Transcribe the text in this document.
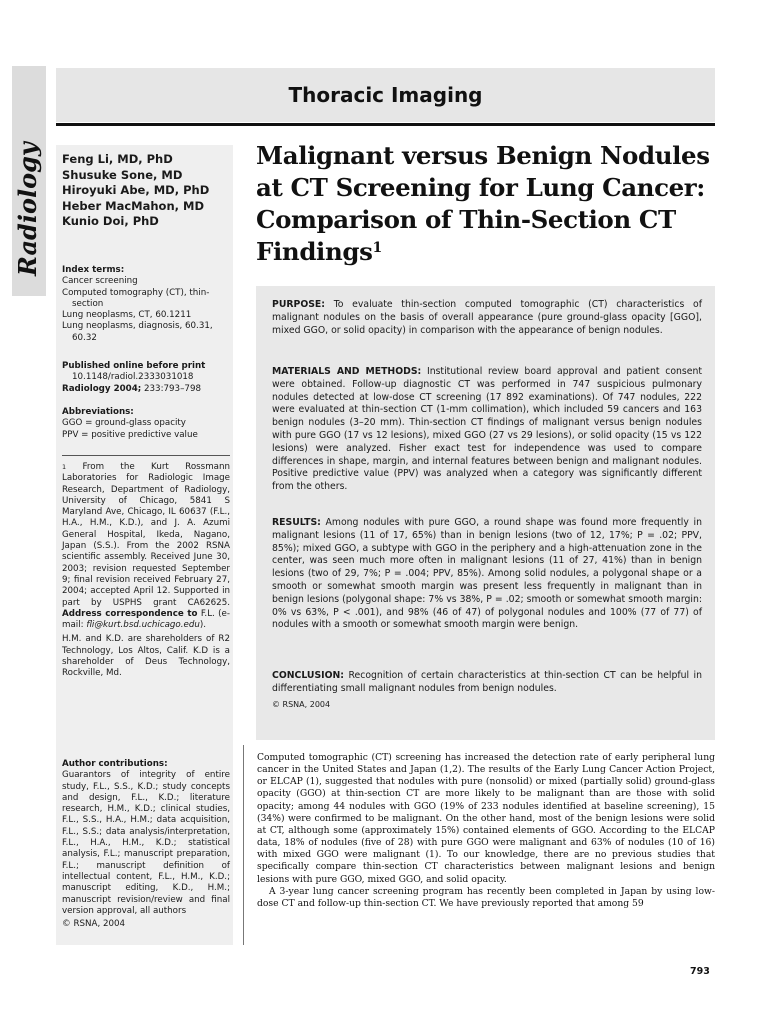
Radiology
Thoracic Imaging
Feng Li, MD, PhD
Shusuke Sone, MD
Hiroyuki Abe, MD, PhD
Heber MacMahon, MD
Kunio Doi, PhD
Index terms:
Cancer screening
Computed tomography (CT), thin-section
Lung neoplasms, CT, 60.1211
Lung neoplasms, diagnosis, 60.31, 60.32
Published online before print
10.1148/radiol.2333031018
Radiology 2004; 233:793–798
Abbreviations:
GGO = ground-glass opacity
PPV = positive predictive value
$^1$ From the Kurt Rossmann Laboratories for Radiologic Image Research, Department of Radiology, University of Chicago, 5841 S Maryland Ave, Chicago, IL 60637 (F.L., H.A., H.M., K.D.), and J. A. Azumi General Hospital, Ikeda, Nagano, Japan (S.S.). From the 2002 RSNA scientific assembly. Received June 30, 2003; revision requested September 9; final revision received February 27, 2004; accepted April 12. Supported in part by USPHS grant CA62625. Address correspondence to F.L. (e-mail: fli@kurt.bsd.uchicago.edu).
H.M. and K.D. are shareholders of R2 Technology, Los Altos, Calif. K.D is a shareholder of Deus Technology, Rockville, Md.
Author contributions:
Guarantors of integrity of entire study, F.L., S.S., K.D.; study concepts and design, F.L., K.D.; literature research, H.M., K.D.; clinical studies, F.L., S.S., H.A., H.M.; data acquisition, F.L., S.S.; data analysis/interpretation, F.L., H.A., H.M., K.D.; statistical analysis, F.L.; manuscript preparation, F.L.; manuscript definition of intellectual content, F.L., H.M., K.D.; manuscript editing, K.D., H.M.; manuscript revision/review and final version approval, all authors
© RSNA, 2004
Malignant versus Benign Nodules at CT Screening for Lung Cancer: Comparison of Thin-Section CT Findings$^1$
PURPOSE: To evaluate thin-section computed tomographic (CT) characteristics of malignant nodules on the basis of overall appearance (pure ground-glass opacity [GGO], mixed GGO, or solid opacity) in comparison with the appearance of benign nodules.
MATERIALS AND METHODS: Institutional review board approval and patient consent were obtained. Follow-up diagnostic CT was performed in 747 suspicious pulmonary nodules detected at low-dose CT screening (17 892 examinations). Of 747 nodules, 222 were evaluated at thin-section CT (1-mm collimation), which included 59 cancers and 163 benign nodules (3–20 mm). Thin-section CT findings of malignant versus benign nodules with pure GGO (17 vs 12 lesions), mixed GGO (27 vs 29 lesions), or solid opacity (15 vs 122 lesions) were analyzed. Fisher exact test for independence was used to compare differences in shape, margin, and internal features between benign and malignant nodules. Positive predictive value (PPV) was analyzed when a category was significantly different from the others.
RESULTS: Among nodules with pure GGO, a round shape was found more frequently in malignant lesions (11 of 17, 65%) than in benign lesions (two of 12, 17%; P = .02; PPV, 85%); mixed GGO, a subtype with GGO in the periphery and a high-attenuation zone in the center, was seen much more often in malignant lesions (11 of 27, 41%) than in benign lesions (two of 29, 7%; P = .004; PPV, 85%). Among solid nodules, a polygonal shape or a smooth or somewhat smooth margin was present less frequently in malignant than in benign lesions (polygonal shape: 7% vs 38%, P = .02; smooth or somewhat smooth margin: 0% vs 63%, P < .001), and 98% (46 of 47) of polygonal nodules and 100% (77 of 77) of nodules with a smooth or somewhat smooth margin were benign.
CONCLUSION: Recognition of certain characteristics at thin-section CT can be helpful in differentiating small malignant nodules from benign nodules.
© RSNA, 2004

Computed tomographic (CT) screening has increased the detection rate of early peripheral lung cancer in the United States and Japan (1,2). The results of the Early Lung Cancer Action Project, or ELCAP (1), suggested that nodules with pure (nonsolid) or mixed (partially solid) ground-glass opacity (GGO) at thin-section CT are more likely to be malignant than are those with solid opacity; among 44 nodules with GGO (19% of 233 nodules identified at baseline screening), 15 (34%) were confirmed to be malignant. On the other hand, most of the benign lesions were solid at CT, although some (approximately 15%) contained elements of GGO. According to the ELCAP data, 18% of nodules (five of 28) with pure GGO were malignant and 63% of nodules (10 of 16) with mixed GGO were malignant (1). To our knowledge, there are no previous studies that specifically compare thin-section CT characteristics between malignant lesions and benign lesions with pure GGO, mixed GGO, and solid opacity.

A 3-year lung cancer screening program has recently been completed in Japan by using low-dose CT and follow-up thin-section CT. We have previously reported that among 59

793
